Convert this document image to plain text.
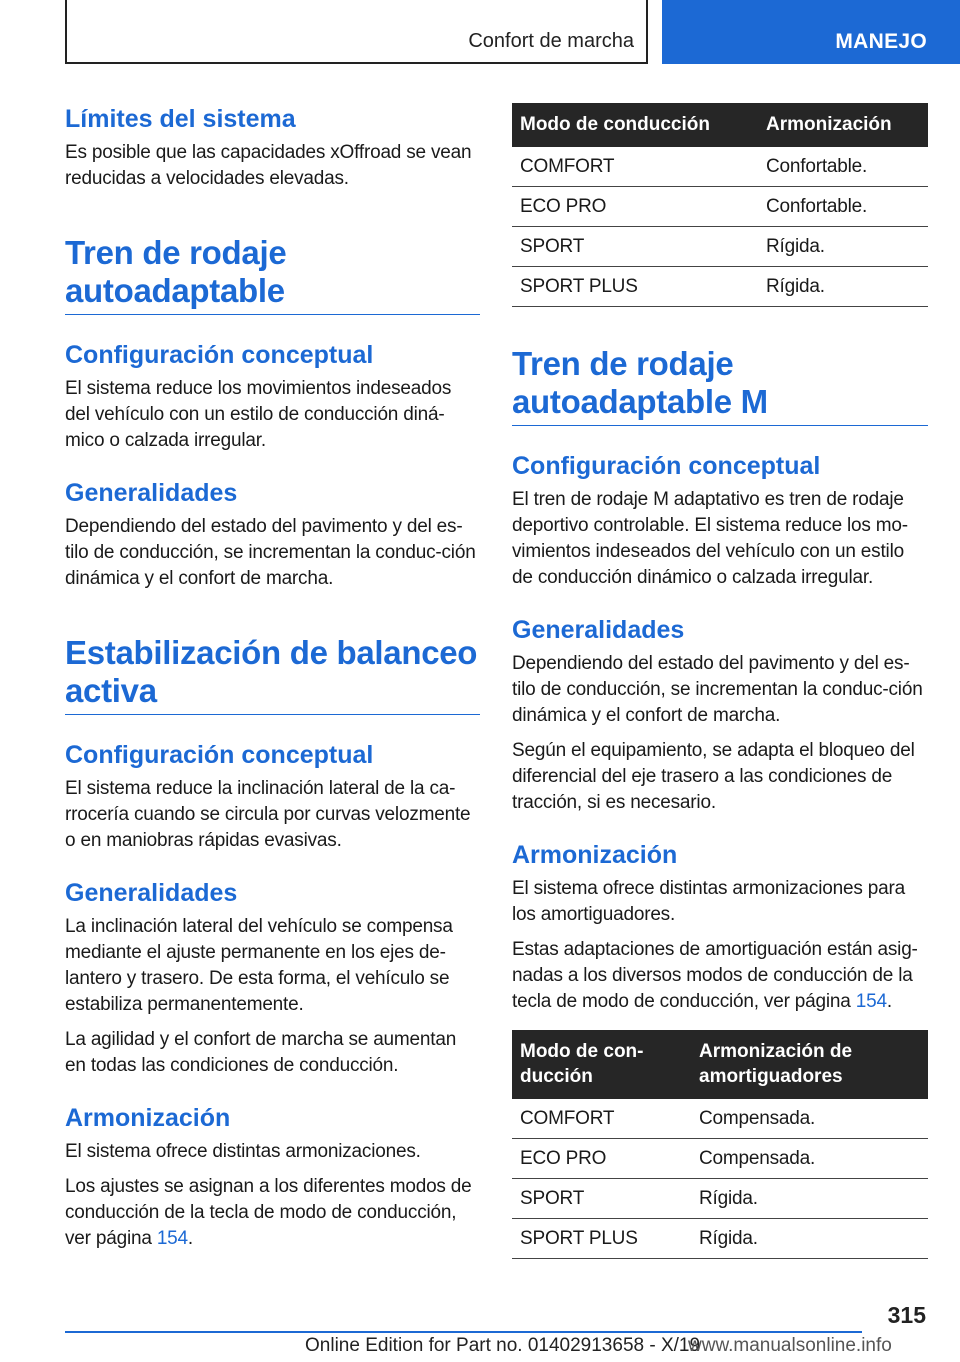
Confort de marcha	MANEJO
Límites del sistema

Es posible que las capacidades xOffroad se vean reducidas a velocidades elevadas.

Tren de rodaje autoadaptable
Configuración conceptual

El sistema reduce los movimientos indeseados del vehículo con un estilo de conducción diná-mico o calzada irregular.

Generalidades

Dependiendo del estado del pavimento y del es-tilo de conducción, se incrementan la conduc-ción dinámica y el confort de marcha.

Estabilización de balanceo activa
Configuración conceptual

El sistema reduce la inclinación lateral de la ca-rrocería cuando se circula por curvas velozmente o en maniobras rápidas evasivas.

Generalidades

La inclinación lateral del vehículo se compensa mediante el ajuste permanente en los ejes de-lantero y trasero. De esta forma, el vehículo se estabiliza permanentemente.

La agilidad y el confort de marcha se aumentan en todas las condiciones de conducción.

Armonización

El sistema ofrece distintas armonizaciones.

Los ajustes se asignan a los diferentes modos de conducción de la tecla de modo de conducción, ver página 154.

Modo de conducción	Armonización
COMFORT	Confortable.
ECO PRO	Confortable.
SPORT	Rígida.
SPORT PLUS	Rígida.
Tren de rodaje autoadaptable M
Configuración conceptual

El tren de rodaje M adaptativo es tren de rodaje deportivo controlable. El sistema reduce los mo-vimientos indeseados del vehículo con un estilo de conducción dinámico o calzada irregular.

Generalidades

Dependiendo del estado del pavimento y del es-tilo de conducción, se incrementan la conduc-ción dinámica y el confort de marcha.

Según el equipamiento, se adapta el bloqueo del diferencial del eje trasero a las condiciones de tracción, si es necesario.

Armonización

El sistema ofrece distintas armonizaciones para los amortiguadores.

Estas adaptaciones de amortiguación están asig-nadas a los diversos modos de conducción de la tecla de modo de conducción, ver página 154.

Modo de con-ducción	Armonización de amortiguadores
COMFORT	Compensada.
ECO PRO	Compensada.
SPORT	Rígida.
SPORT PLUS	Rígida.
315
Online Edition for Part no. 01402913658 - X/19
www.manualsonline.info
